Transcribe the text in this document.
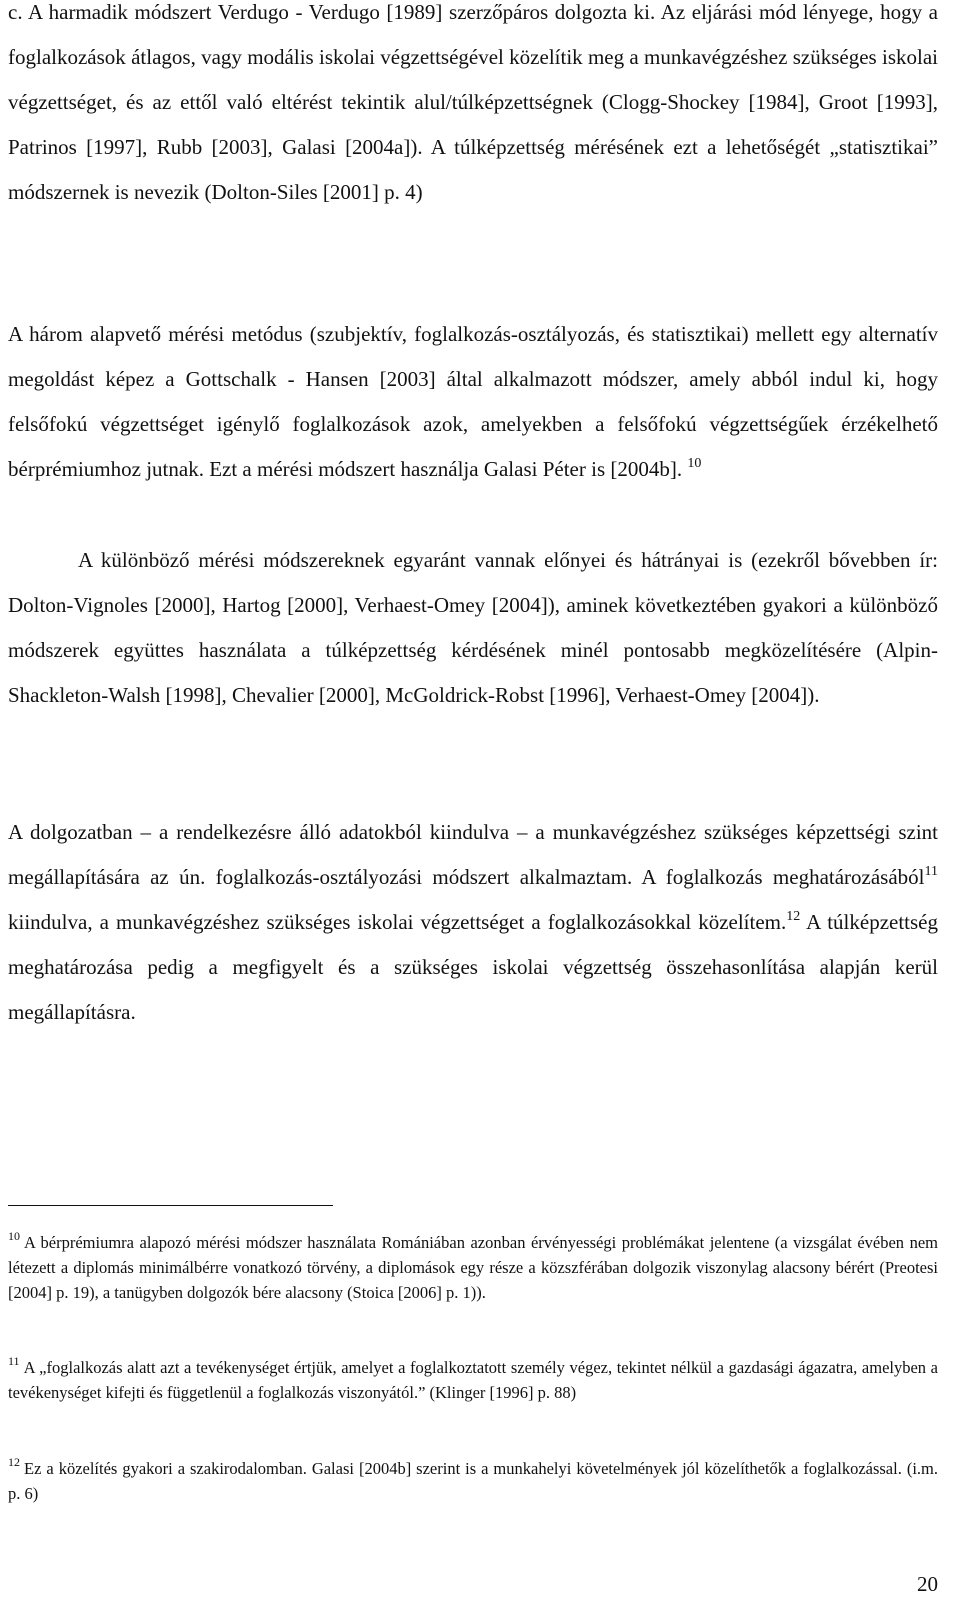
c. A harmadik módszert Verdugo - Verdugo [1989] szerzőpáros dolgozta ki. Az eljárási mód lényege, hogy a foglalkozások átlagos, vagy modális iskolai végzettségével közelítik meg a munkavégzéshez szükséges iskolai végzettséget, és az ettől való eltérést tekintik alul/túlképzettségnek (Clogg-Shockey [1984], Groot [1993], Patrinos [1997], Rubb [2003], Galasi [2004a]). A túlképzettség mérésének ezt a lehetőségét „statisztikai” módszernek is nevezik (Dolton-Siles [2001] p. 4)

A három alapvető mérési metódus (szubjektív, foglalkozás-osztályozás, és statisztikai) mellett egy alternatív megoldást képez a Gottschalk - Hansen [2003] által alkalmazott módszer, amely abból indul ki, hogy felsőfokú végzettséget igénylő foglalkozások azok, amelyekben a felsőfokú végzettségűek érzékelhető bérprémiumhoz jutnak. Ezt a mérési módszert használja Galasi Péter is [2004b]. $^{10}$

A különböző mérési módszereknek egyaránt vannak előnyei és hátrányai is (ezekről bővebben ír: Dolton-Vignoles [2000], Hartog [2000], Verhaest-Omey [2004]), aminek következtében gyakori a különböző módszerek együttes használata a túlképzettség kérdésének minél pontosabb megközelítésére (Alpin-Shackleton-Walsh [1998], Chevalier [2000], McGoldrick-Robst [1996], Verhaest-Omey [2004]).

A dolgozatban – a rendelkezésre álló adatokból kiindulva – a munkavégzéshez szükséges képzettségi szint megállapítására az ún. foglalkozás-osztályozási módszert alkalmaztam. A foglalkozás meghatározásából$^{11}$ kiindulva, a munkavégzéshez szükséges iskolai végzettséget a foglalkozásokkal közelítem.$^{12}$ A túlképzettség meghatározása pedig a megfigyelt és a szükséges iskolai végzettség összehasonlítása alapján kerül megállapításra.

$^{10}$ A bérprémiumra alapozó mérési módszer használata Romániában azonban érvényességi problémákat jelentene (a vizsgálat évében nem létezett a diplomás minimálbérre vonatkozó törvény, a diplomások egy része a közszférában dolgozik viszonylag alacsony bérért (Preotesi [2004] p. 19), a tanügyben dolgozók bére alacsony (Stoica [2006] p. 1)).

$^{11}$ A „foglalkozás alatt azt a tevékenységet értjük, amelyet a foglalkoztatott személy végez, tekintet nélkül a gazdasági ágazatra, amelyben a tevékenységet kifejti és függetlenül a foglalkozás viszonyától.” (Klinger [1996] p. 88)

$^{12}$ Ez a közelítés gyakori a szakirodalomban. Galasi [2004b] szerint is a munkahelyi követelmények jól közelíthetők a foglalkozással. (i.m. p. 6)

20
